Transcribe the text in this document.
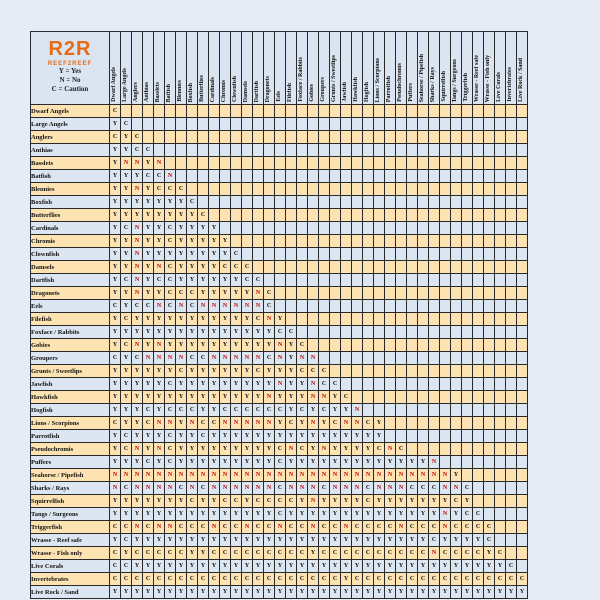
R2R
REEF2REEF
Y = Yes
N = No
C = Caution	Dwarf Angels	Large Angels	Anglers	Anthias	Basslets	Batfish	Blennies	Boxfish	Butterflies	Cardinals	Chromis	Clownfish	Damsels	Dartfish	Dragonets	Eels	Filefish	Foxface / Rabbits	Gobies	Groupers	Grunts / Sweetlips	Jawfish	Hawkfish	Hogfish	Lions / Scorpions	Parrotfish	Pseudochromis	Puffers	Seahorse / Pipefish	Sharks / Rays	Squirrelfish	Tangs / Surgeons	Triggerfish	Wrasse - Reef safe	Wrasse - Fish only	Live Corals	Invertebrates	Live Rock / Sand

Dwarf Angels	C																																					
Large Angels	Y	C																																				
Anglers	C	Y	C																																			
Anthias	Y	Y	C	C																																		
Basslets	Y	N	N	Y	N																																	
Batfish	Y	Y	Y	C	C	N																																
Blennies	Y	Y	N	Y	C	C	C																															
Boxfish	Y	Y	Y	Y	Y	Y	Y	C																														
Butterflies	Y	Y	Y	Y	Y	Y	Y	Y	C																													
Cardinals	Y	C	N	Y	Y	C	Y	Y	Y	Y																												
Chromis	Y	Y	N	Y	Y	C	Y	Y	Y	Y	Y																											
Clownfish	Y	Y	N	Y	Y	Y	Y	Y	Y	Y	Y	C																										
Damsels	Y	Y	N	Y	N	C	Y	Y	Y	Y	C	C	C																									
Dartfish	Y	C	N	Y	C	C	Y	Y	Y	Y	Y	Y	C	C																								
Dragonets	Y	Y	N	Y	Y	C	C	C	Y	Y	Y	Y	Y	N	C																							
Eels	C	Y	C	C	N	C	N	C	N	N	N	N	N	N	C																							
Filefish	Y	C	Y	Y	Y	Y	Y	Y	Y	Y	Y	Y	Y	C	N	Y																						
Foxface / Rabbits	Y	Y	Y	Y	Y	Y	Y	Y	Y	Y	Y	Y	Y	Y	Y	C	C																					
Gobies	Y	C	N	Y	N	Y	Y	Y	Y	Y	Y	Y	Y	Y	Y	N	Y	C																				
Groupers	C	Y	C	N	N	N	N	C	C	N	N	N	N	N	C	N	Y	N	N																			
Grunts / Sweetlips	Y	Y	Y	Y	Y	Y	C	Y	Y	Y	Y	Y	Y	C	Y	Y	Y	C	C	C																		
Jawfish	Y	Y	Y	Y	Y	C	Y	Y	Y	Y	Y	Y	Y	Y	Y	N	Y	Y	N	C	C																	
Hawkfish	Y	Y	Y	Y	Y	Y	Y	Y	Y	Y	Y	Y	Y	Y	N	Y	Y	Y	N	N	Y	C																
Hogfish	Y	Y	Y	C	Y	C	C	C	Y	Y	C	C	C	C	C	C	Y	C	Y	C	Y	Y	N															
Lions / Scorpions	C	Y	Y	C	N	N	Y	N	C	C	N	N	N	N	N	Y	C	Y	N	Y	C	N	N	C	Y													
Parrotfish	Y	C	Y	Y	Y	C	Y	Y	C	Y	Y	Y	Y	Y	Y	Y	Y	Y	Y	Y	Y	Y	Y	Y	Y													
Pseudochromis	Y	C	N	Y	N	C	Y	Y	Y	Y	Y	Y	Y	Y	Y	C	N	C	Y	N	Y	Y	Y	Y	C	N	C											
Puffers	Y	Y	Y	C	Y	C	Y	Y	Y	Y	Y	Y	Y	Y	Y	C	Y	Y	Y	Y	Y	Y	Y	Y	Y	Y	Y	Y	Y	N								
Seahorse / Pipefish	N	N	N	N	N	N	N	N	N	N	N	N	N	N	N	N	N	N	N	N	N	N	N	N	N	N	N	N	N	N	N	Y						
Sharks / Rays	N	C	N	N	N	N	C	N	C	N	N	N	N	N	N	C	N	N	N	C	N	N	N	C	N	N	N	C	C	C	N	N	C					
Squirrelfish	Y	Y	Y	Y	Y	Y	Y	C	Y	Y	C	C	Y	C	C	C	C	Y	N	Y	Y	Y	Y	C	Y	Y	Y	Y	Y	Y	Y	C	Y					
Tangs / Surgeons	Y	Y	Y	Y	Y	Y	Y	Y	Y	Y	Y	Y	Y	Y	Y	C	Y	Y	Y	Y	Y	Y	Y	Y	Y	Y	Y	Y	Y	Y	N	Y	C	C				
Triggerfish	C	C	N	C	N	N	C	C	C	N	C	C	N	C	C	N	C	C	N	C	C	N	C	C	C	C	N	C	C	C	N	C	C	C	C			
Wrasse - Reef safe	Y	C	Y	Y	Y	Y	Y	Y	Y	Y	Y	Y	Y	Y	Y	Y	Y	Y	Y	Y	Y	Y	Y	Y	Y	Y	Y	Y	Y	C	Y	Y	Y	Y	C			
Wrasse - Fish only	C	Y	C	C	C	C	C	Y	Y	C	C	C	C	C	C	C	C	C	Y	C	C	C	C	C	C	C	C	C	C	N	C	C	C	C	Y	C		
Live Corals	C	C	Y	Y	Y	Y	Y	Y	Y	Y	Y	Y	Y	Y	Y	Y	Y	Y	Y	Y	Y	Y	Y	Y	Y	Y	Y	Y	Y	Y	Y	Y	Y	Y	Y	Y	C	
Invertebrates	C	C	C	C	C	C	C	C	C	C	C	C	C	C	C	C	C	C	C	C	C	Y	C	C	C	C	C	C	C	C	C	C	C	C	C	C	C	C
Live Rock / Sand	Y	Y	Y	Y	Y	Y	Y	Y	Y	Y	Y	Y	Y	Y	Y	Y	Y	Y	Y	Y	Y	Y	Y	Y	Y	Y	Y	Y	Y	Y	Y	Y	Y	Y	Y	Y	Y	Y
